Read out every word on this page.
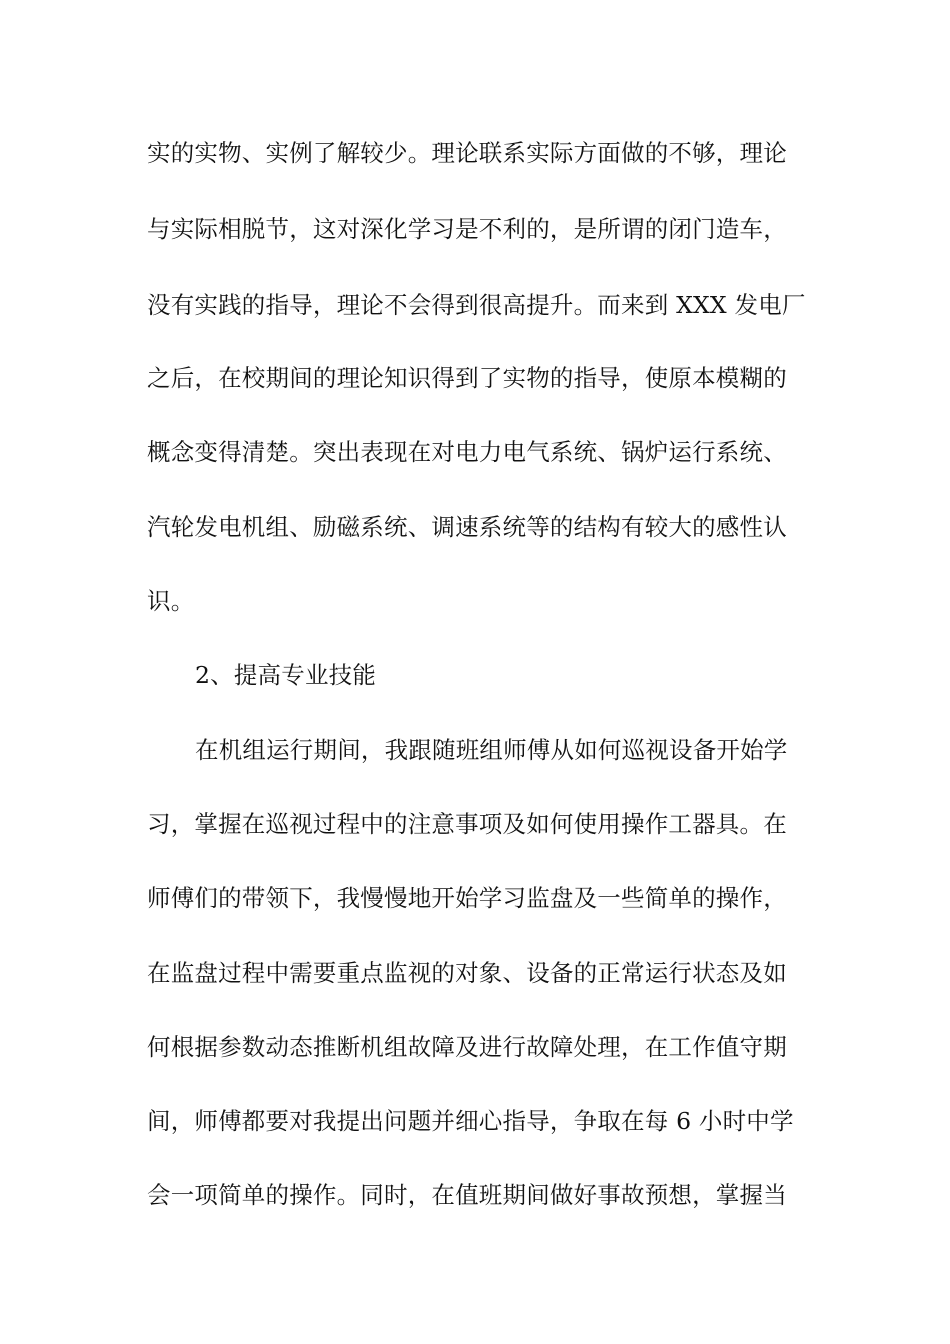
实的实物、实例了解较少。理论联系实际方面做的不够，理论
与实际相脱节，这对深化学习是不利的，是所谓的闭门造车，
没有实践的指导，理论不会得到很高提升。而来到 XXX 发电厂
之后，在校期间的理论知识得到了实物的指导，使原本模糊的
概念变得清楚。突出表现在对电力电气系统、锅炉运行系统、
汽轮发电机组、励磁系统、调速系统等的结构有较大的感性认
识。
2、提高专业技能
在机组运行期间，我跟随班组师傅从如何巡视设备开始学
习，掌握在巡视过程中的注意事项及如何使用操作工器具。在
师傅们的带领下，我慢慢地开始学习监盘及一些简单的操作，
在监盘过程中需要重点监视的对象、设备的正常运行状态及如
何根据参数动态推断机组故障及进行故障处理，在工作值守期
间，师傅都要对我提出问题并细心指导，争取在每 6 小时中学
会一项简单的操作。同时，在值班期间做好事故预想，掌握当
